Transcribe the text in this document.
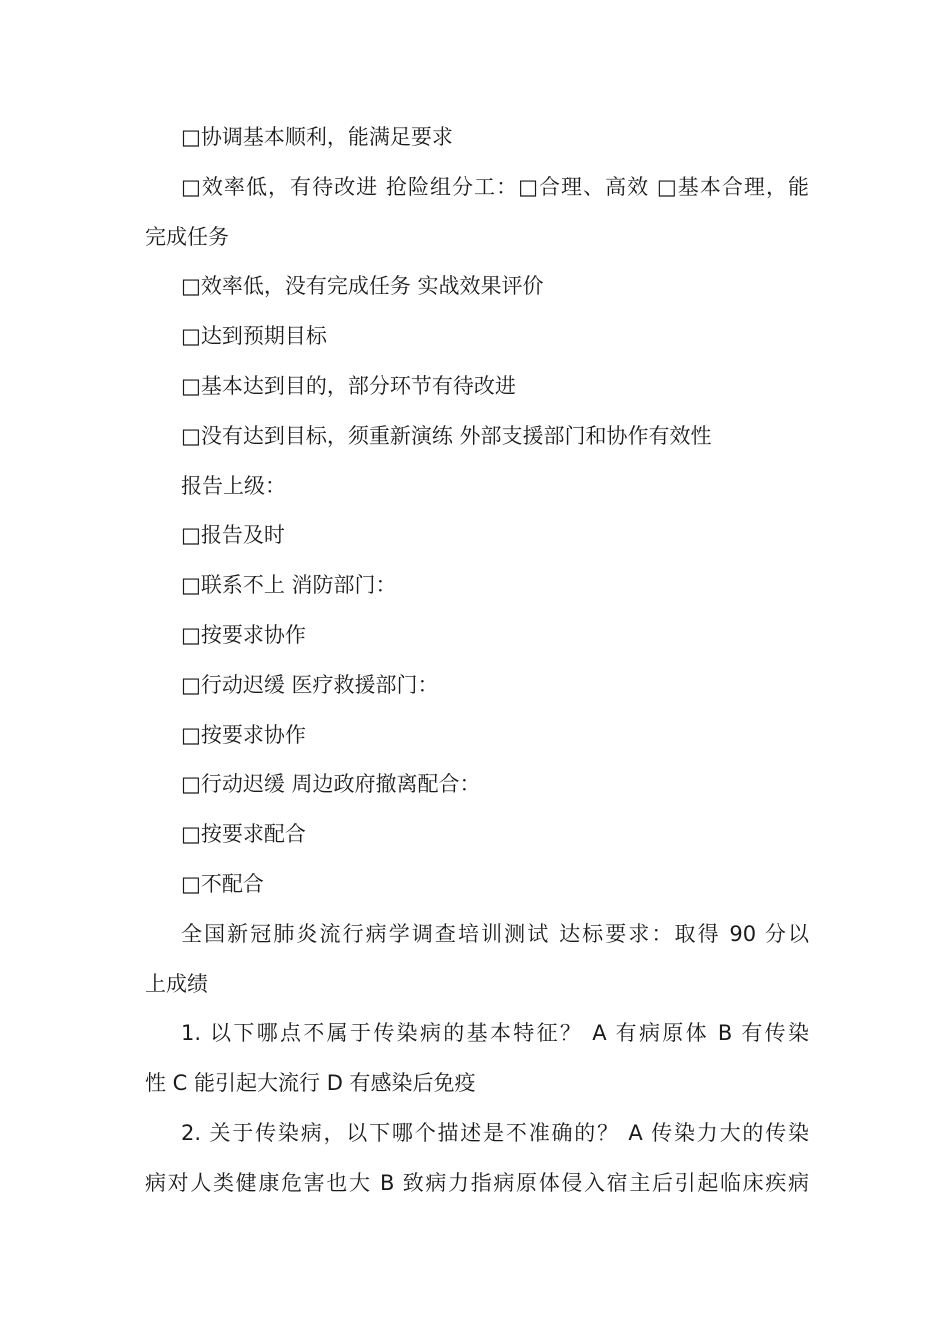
□协调基本顺利，能满足要求
□效率低，有待改进 抢险组分工：□合理、高效 □基本合理，能
完成任务
□效率低，没有完成任务 实战效果评价
□达到预期目标
□基本达到目的，部分环节有待改进
□没有达到目标，须重新演练 外部支援部门和协作有效性
报告上级：
□报告及时
□联系不上 消防部门：
□按要求协作
□行动迟缓 医疗救援部门：
□按要求协作
□行动迟缓 周边政府撤离配合：
□按要求配合
□不配合
全国新冠肺炎流行病学调查培训测试 达标要求：取得 90 分以
上成绩
1. 以下哪点不属于传染病的基本特征？ A 有病原体 B 有传染
性 C 能引起大流行 D 有感染后免疫
2. 关于传染病，以下哪个描述是不准确的？ A 传染力大的传染
病对人类健康危害也大 B 致病力指病原体侵入宿主后引起临床疾病
